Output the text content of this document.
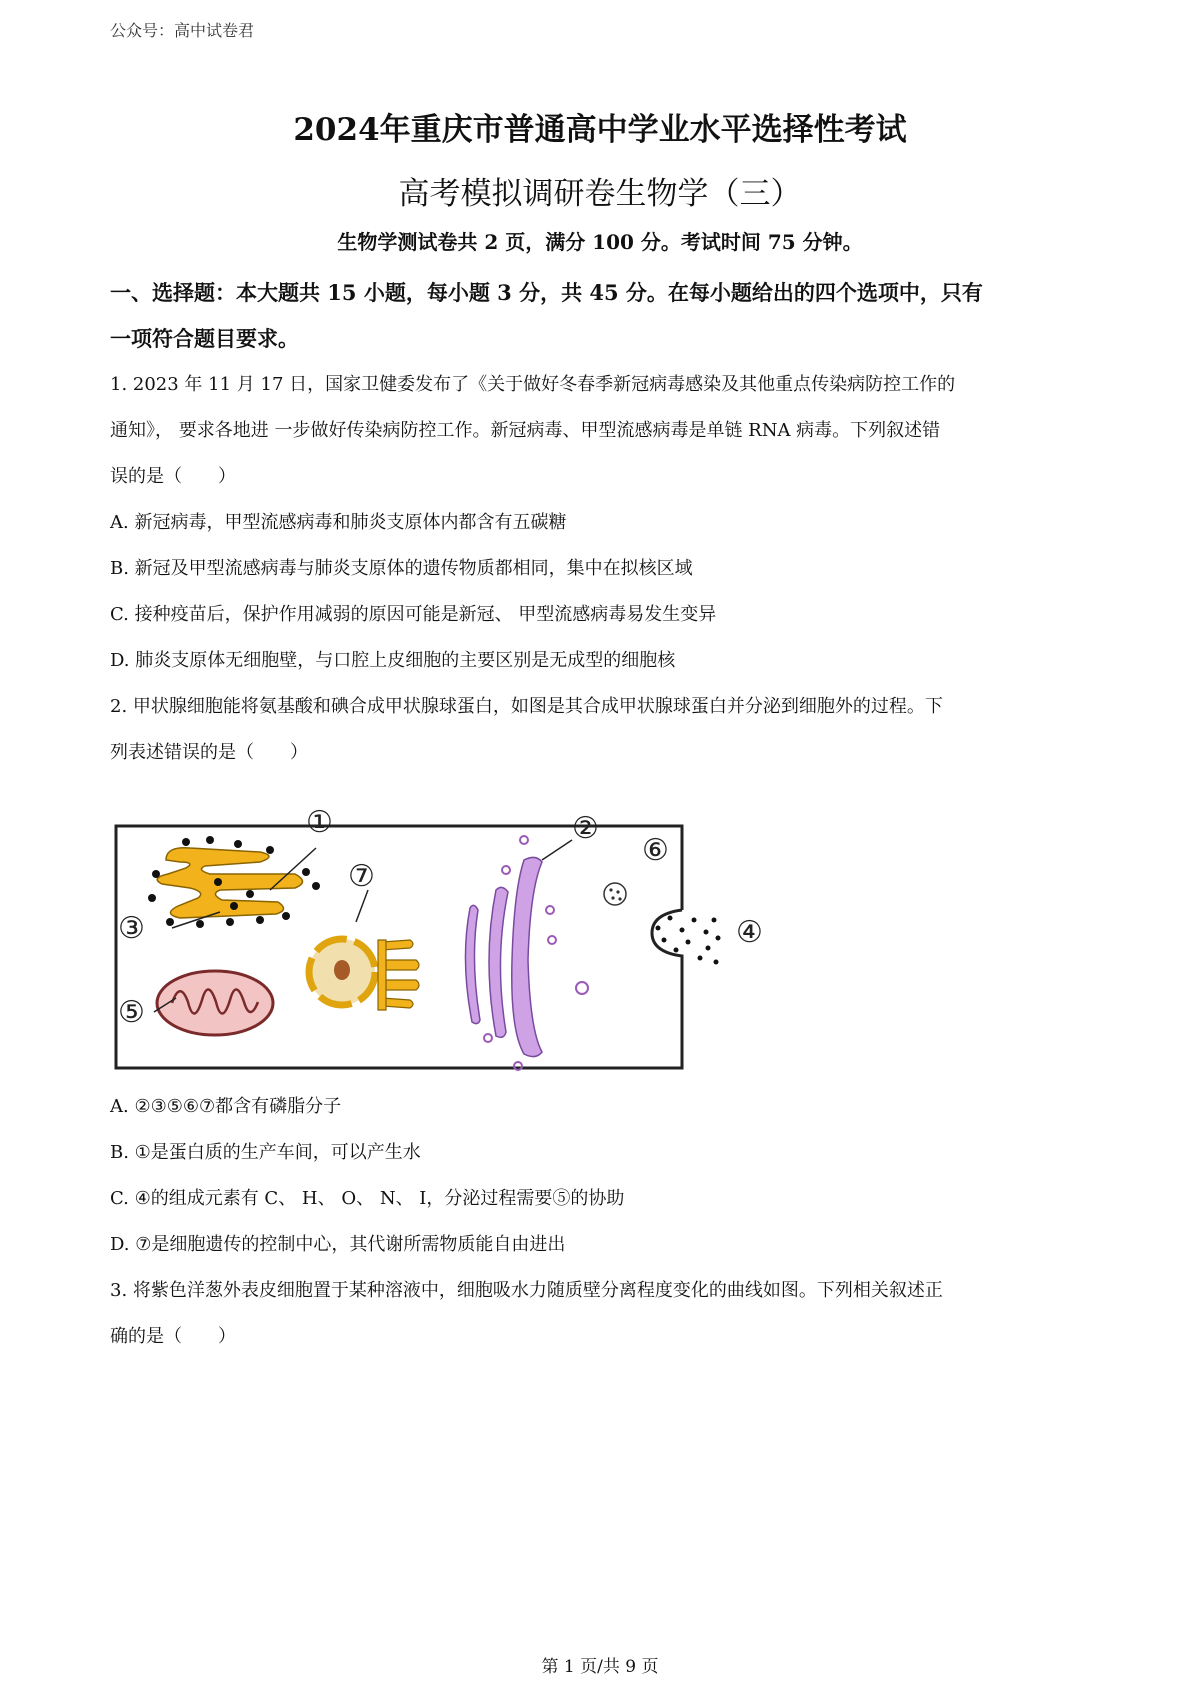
公众号：高中试卷君
2024年重庆市普通高中学业水平选择性考试
高考模拟调研卷生物学（三）
生物学测试卷共 2 页，满分 100 分。考试时间 75 分钟。
一、选择题：本大题共 15 小题，每小题 3 分，共 45 分。在每小题给出的四个选项中，只有
一项符合题目要求。
1. 2023 年 11 月 17 日，国家卫健委发布了《关于做好冬春季新冠病毒感染及其他重点传染病防控工作的
通知》， 要求各地进 一步做好传染病防控工作。新冠病毒、甲型流感病毒是单链 RNA 病毒。下列叙述错
误的是（　　）
A. 新冠病毒，甲型流感病毒和肺炎支原体内都含有五碳糖
B. 新冠及甲型流感病毒与肺炎支原体的遗传物质都相同，集中在拟核区域
C. 接种疫苗后，保护作用减弱的原因可能是新冠、 甲型流感病毒易发生变异
D. 肺炎支原体无细胞壁，与口腔上皮细胞的主要区别是无成型的细胞核
2. 甲状腺细胞能将氨基酸和碘合成甲状腺球蛋白，如图是其合成甲状腺球蛋白并分泌到细胞外的过程。下
列表述错误的是（　　）
①	②
③	④
⑤
⑥
⑦
A. ②③⑤⑥⑦都含有磷脂分子
B. ①是蛋白质的生产车间，可以产生水
C. ④的组成元素有 C、 H、 O、 N、 I，分泌过程需要⑤的协助
D. ⑦是细胞遗传的控制中心，其代谢所需物质能自由进出
3. 将紫色洋葱外表皮细胞置于某种溶液中，细胞吸水力随质壁分离程度变化的曲线如图。下列相关叙述正
确的是（　　）
第 1 页/共 9 页
